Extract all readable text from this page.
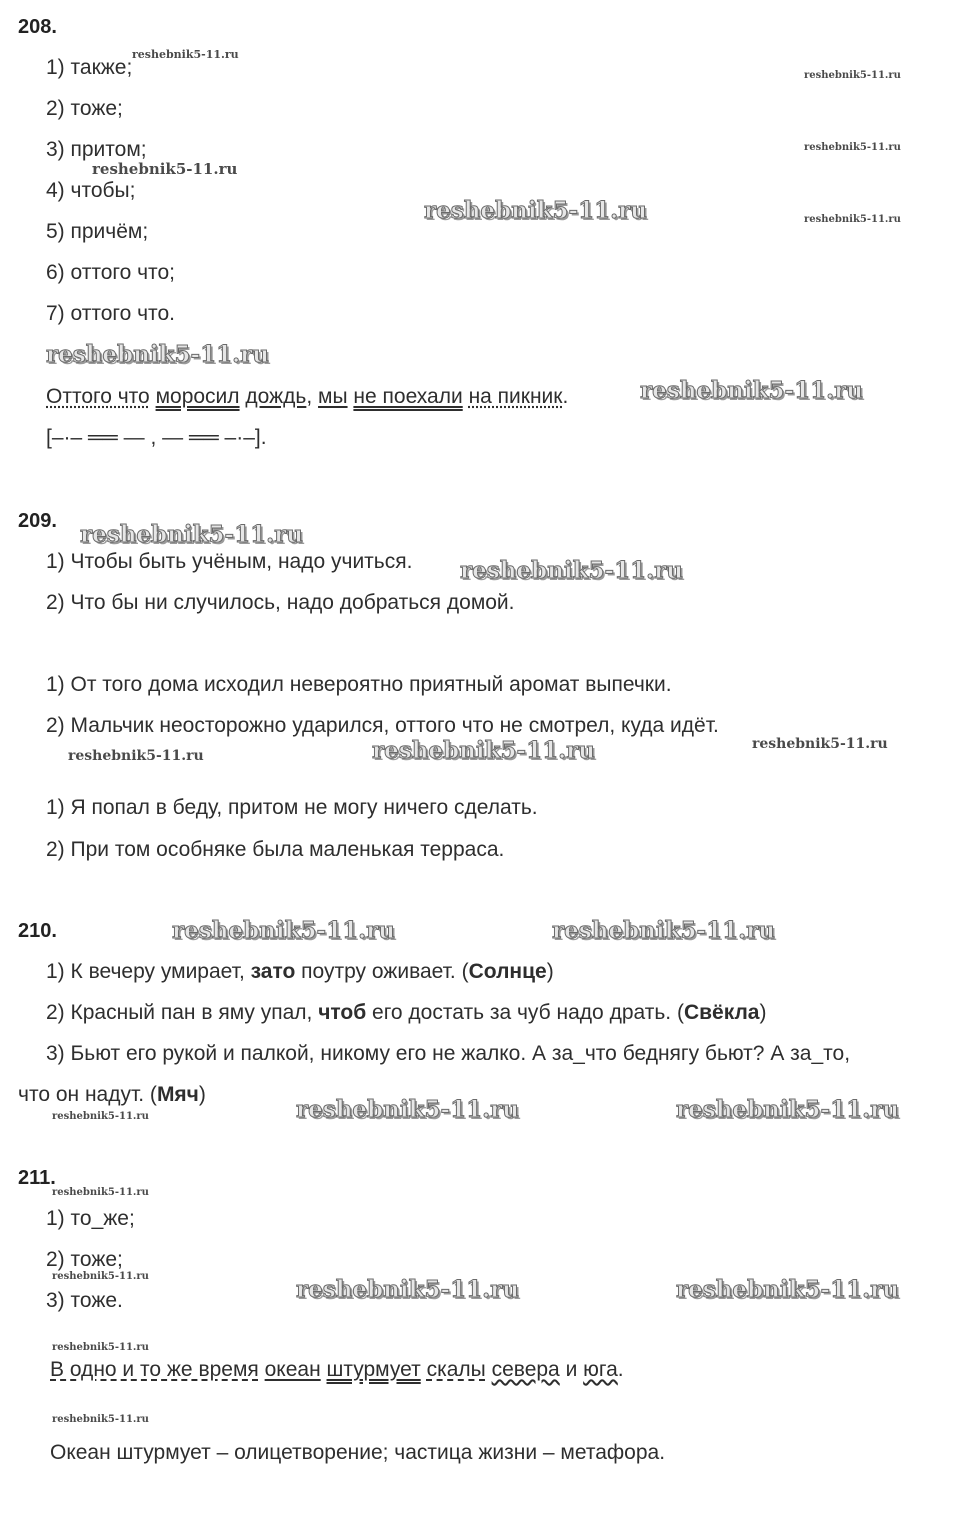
208.
1) также;
2) тоже;
3) притом;
4) чтобы;
5) причём;
6) оттого что;
7) оттого что.
Оттого что моросил дождь, мы не поехали на пикник.
[–·– ══ — , — ══ –·–].
209.
1) Чтобы быть учёным, надо учиться.
2) Что бы ни случилось, надо добраться домой.
1) От того дома исходил невероятно приятный аромат выпечки.
2) Мальчик неосторожно ударился, оттого что не смотрел, куда идёт.
1) Я попал в беду, притом не могу ничего сделать.
2) При том особняке была маленькая терраса.
210.
1) К вечеру умирает, зато поутру оживает. (Солнце)
2) Красный пан в яму упал, чтоб его достать за чуб надо драть. (Свёкла)
3) Бьют его рукой и палкой, никому его не жалко. А за_что беднягу бьют? А за_то,
что он надут. (Мяч)
211.
1) то_же;
2) тоже;
3) тоже.
В одно и то же время океан штурмует скалы севера и юга.
Океан штурмует – олицетворение; частица жизни – метафора.
reshebnik5-11.ru
reshebnik5-11.ru
reshebnik5-11.ru
reshebnik5-11.ru
reshebnik5-11.ru
reshebnik5-11.ru
reshebnik5-11.ru
reshebnik5-11.ru
reshebnik5-11.ru
reshebnik5-11.ru
reshebnik5-11.ru	reshebnik5-11.ru	reshebnik5-11.ru
reshebnik5-11.ru	reshebnik5-11.ru
reshebnik5-11.ru	reshebnik5-11.ru	reshebnik5-11.ru
reshebnik5-11.ru
reshebnik5-11.ru	reshebnik5-11.ru	reshebnik5-11.ru
reshebnik5-11.ru
reshebnik5-11.ru
